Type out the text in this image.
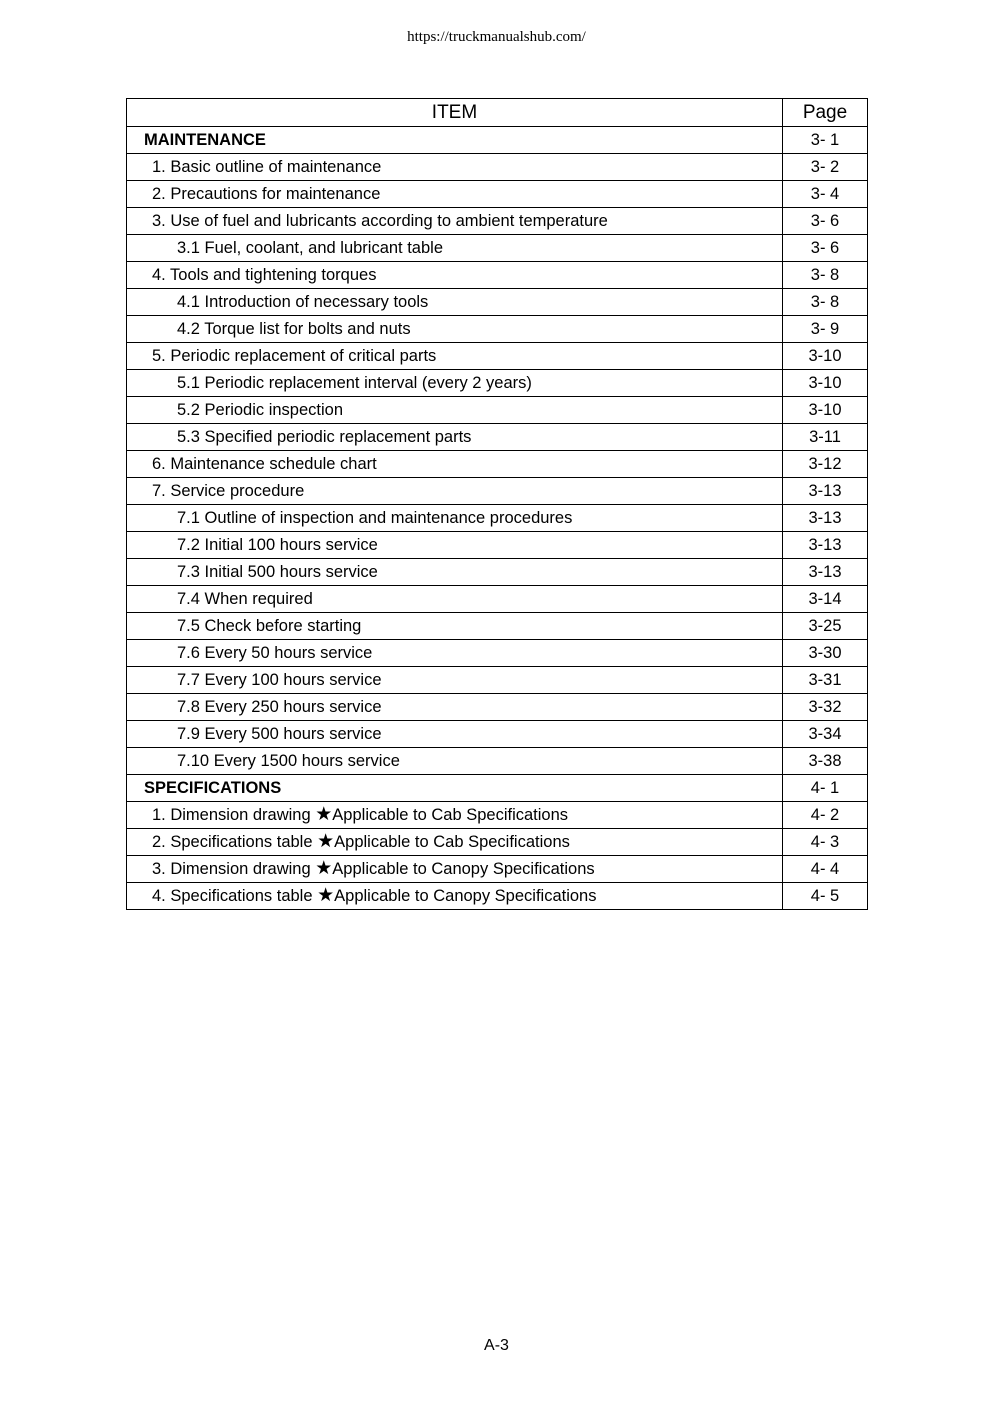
https://truckmanualshub.com/
ITEM	Page
MAINTENANCE	3- 1
1. Basic outline of maintenance	3- 2
2. Precautions for maintenance	3- 4
3. Use of fuel and lubricants according to ambient temperature	3- 6
3.1 Fuel, coolant, and lubricant table	3- 6
4. Tools and tightening torques	3- 8
4.1 Introduction of necessary tools	3- 8
4.2 Torque list for bolts and nuts	3- 9
5. Periodic replacement of critical parts	3-10
5.1 Periodic replacement interval (every 2 years)	3-10
5.2 Periodic inspection	3-10
5.3 Specified periodic replacement parts	3-11
6. Maintenance schedule chart	3-12
7. Service procedure	3-13
7.1 Outline of inspection and maintenance procedures	3-13
7.2 Initial 100 hours service	3-13
7.3 Initial 500 hours service	3-13
7.4 When required	3-14
7.5 Check before starting	3-25
7.6 Every 50 hours service	3-30
7.7 Every 100 hours service	3-31
7.8 Every 250 hours service	3-32
7.9 Every 500 hours service	3-34
7.10 Every 1500 hours service	3-38
SPECIFICATIONS	4- 1
1. Dimension drawing ★Applicable to Cab Specifications	4- 2
2. Specifications table ★Applicable to Cab Specifications	4- 3
3. Dimension drawing ★Applicable to Canopy Specifications	4- 4
4. Specifications table ★Applicable to Canopy Specifications	4- 5
A-3
